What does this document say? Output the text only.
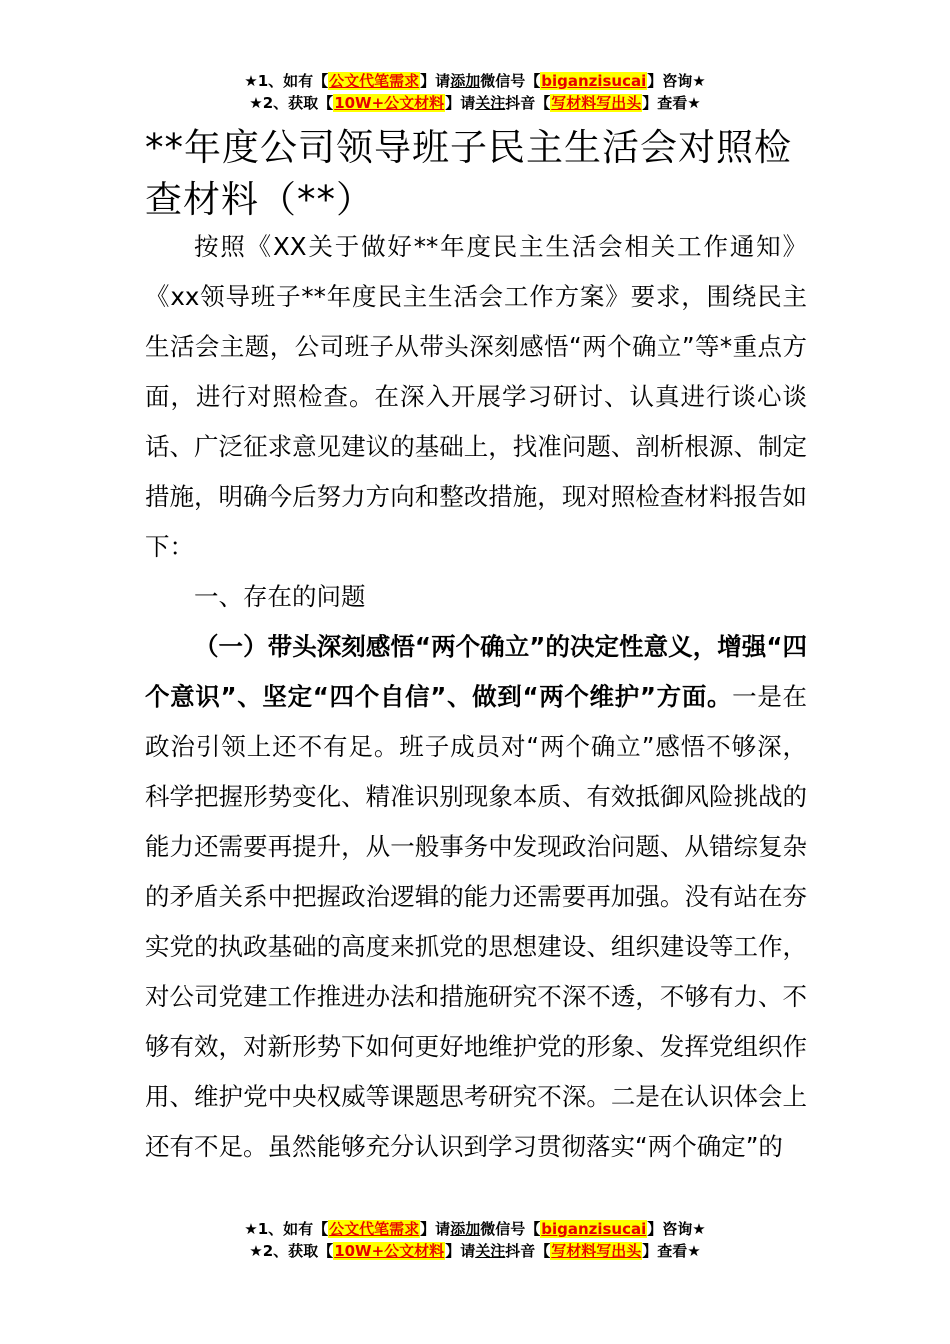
★1、如有【公文代笔需求】请添加微信号【biganzisucai】咨询★
★2、获取【10W+公文材料】请关注抖音【写材料写出头】查看★
**年度公司领导班子民主生活会对照检查材料（**）

按照《XX关于做好**年度民主生活会相关工作通知》《xx领导班子**年度民主生活会工作方案》要求，围绕民主生活会主题，公司班子从带头深刻感悟“两个确立”等*重点方面，进行对照检查。在深入开展学习研讨、认真进行谈心谈话、广泛征求意见建议的基础上，找准问题、剖析根源、制定措施，明确今后努力方向和整改措施，现对照检查材料报告如下：

一、存在的问题

（一）带头深刻感悟“两个确立”的决定性意义，增强“四个意识”、坚定“四个自信”、做到“两个维护”方面。一是在政治引领上还不有足。班子成员对“两个确立”感悟不够深，科学把握形势变化、精准识别现象本质、有效抵御风险挑战的能力还需要再提升，从一般事务中发现政治问题、从错综复杂的矛盾关系中把握政治逻辑的能力还需要再加强。没有站在夯实党的执政基础的高度来抓党的思想建设、组织建设等工作，对公司党建工作推进办法和措施研究不深不透，不够有力、不够有效，对新形势下如何更好地维护党的形象、发挥党组织作用、维护党中央权威等课题思考研究不深。二是在认识体会上还有不足。虽然能够充分认识到学习贯彻落实“两个确定”的

★1、如有【公文代笔需求】请添加微信号【biganzisucai】咨询★
★2、获取【10W+公文材料】请关注抖音【写材料写出头】查看★
